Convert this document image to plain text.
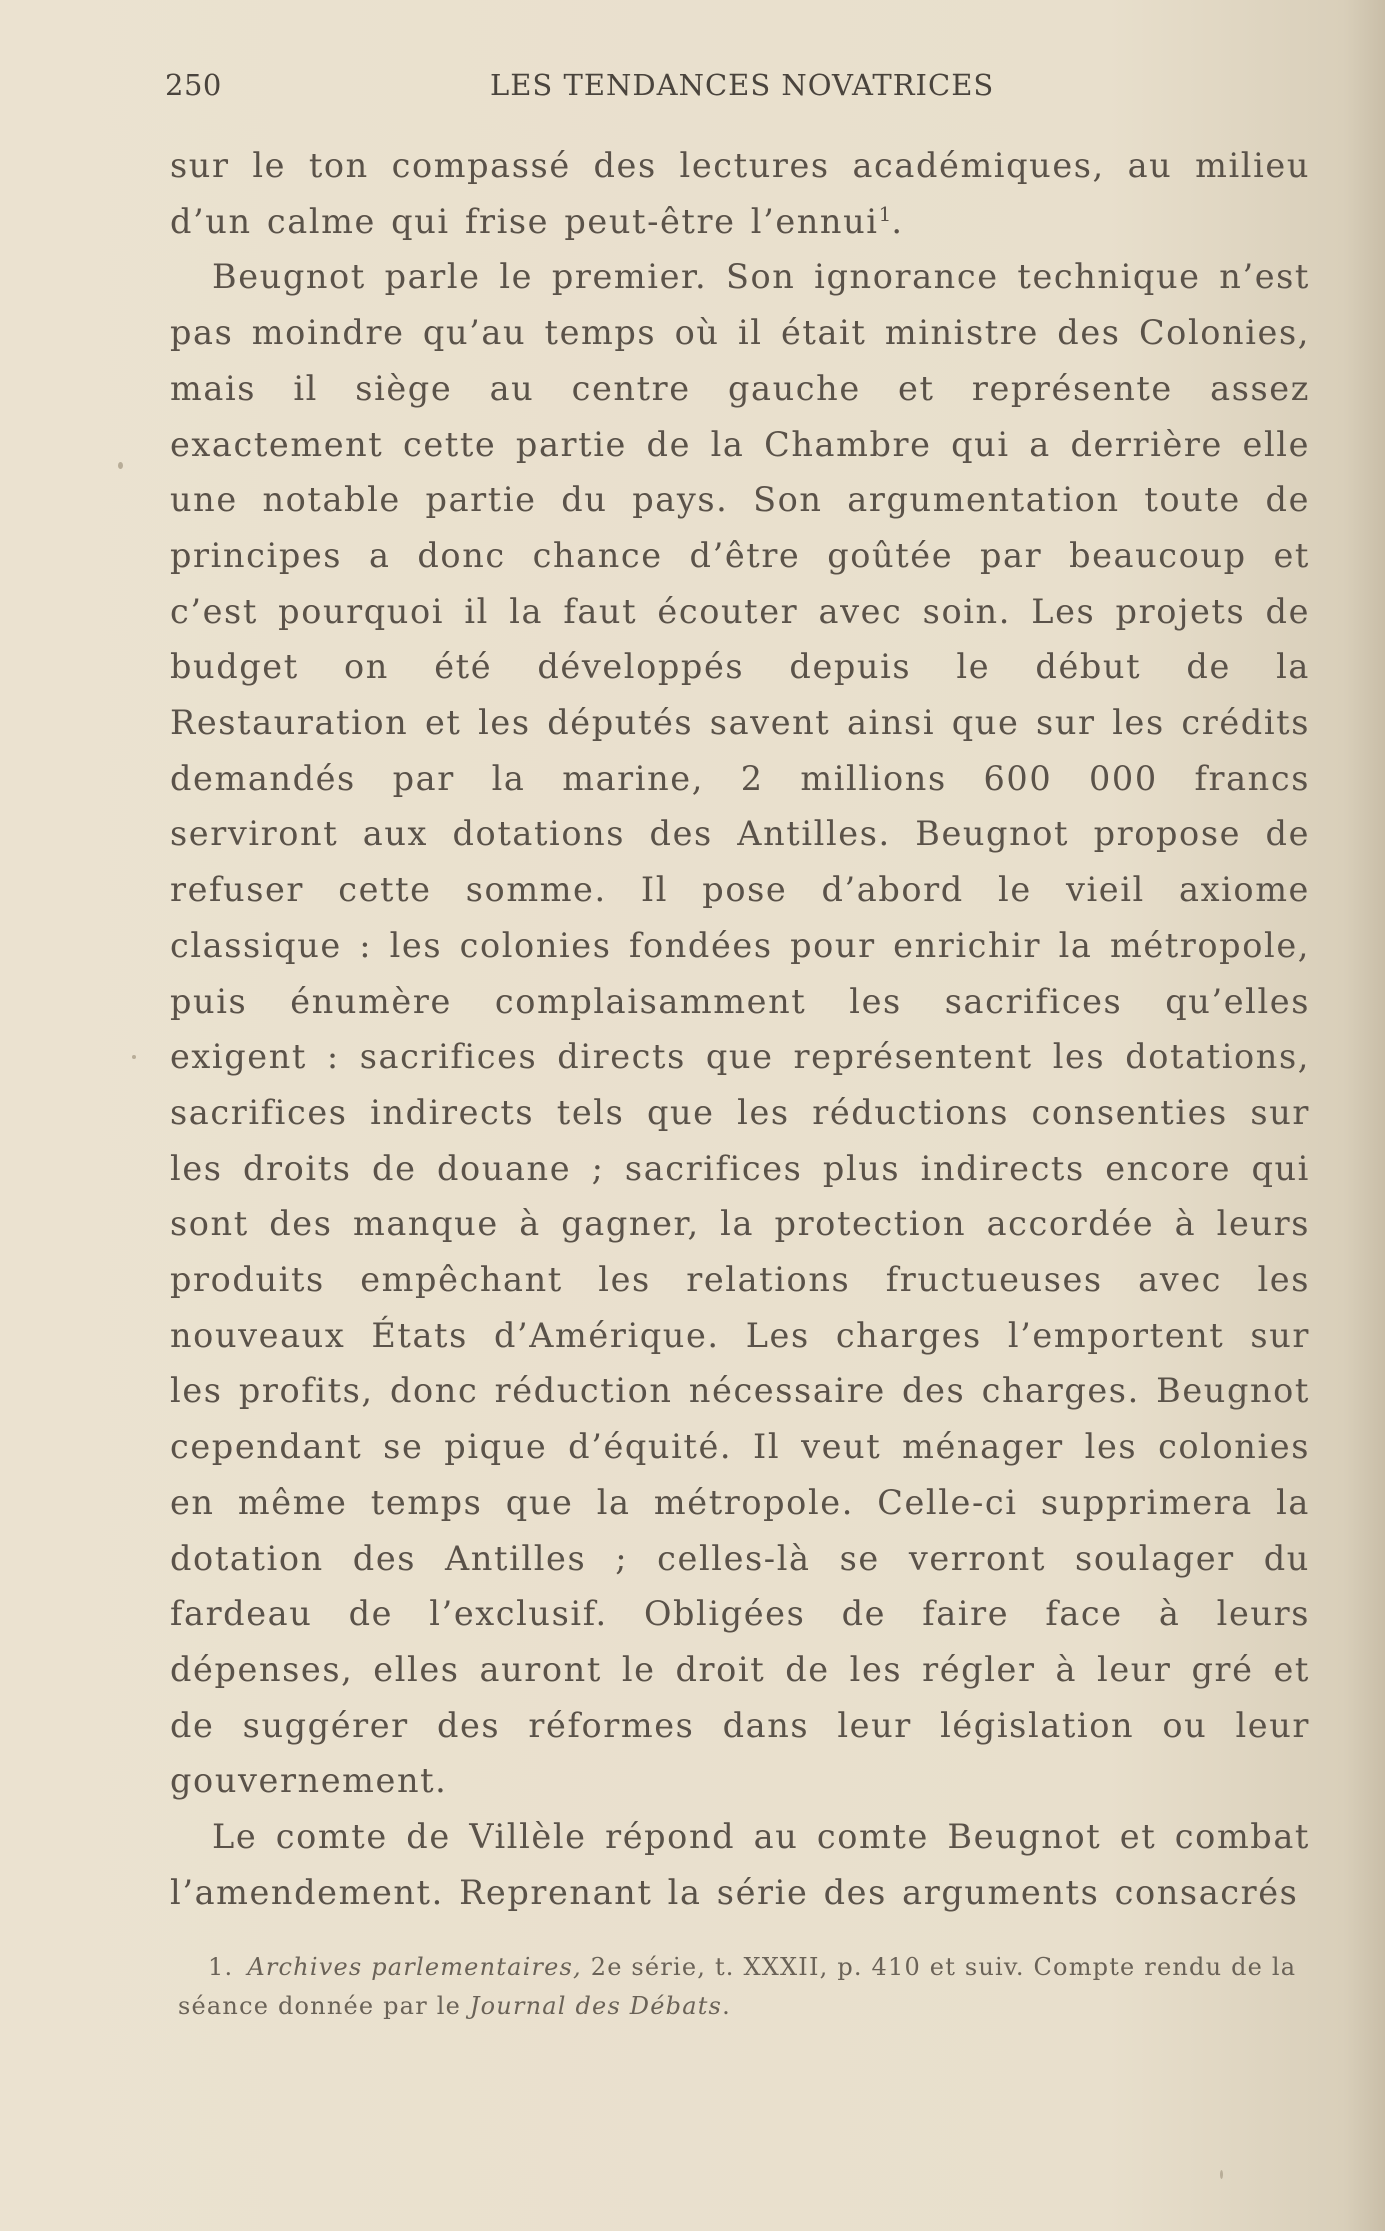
250	LES TENDANCES NOVATRICES

sur le ton compassé des lectures académiques, au milieu d’un calme qui frise peut-être l’ennui$^1$.

Beugnot parle le premier. Son ignorance technique n’est pas moindre qu’au temps où il était ministre des Colonies, mais il siège au centre gauche et représente assez exactement cette partie de la Chambre qui a derrière elle une notable partie du pays. Son argumentation toute de principes a donc chance d’être goûtée par beaucoup et c’est pourquoi il la faut écouter avec soin. Les projets de budget on été développés depuis le début de la Restauration et les députés savent ainsi que sur les crédits demandés par la marine, 2 millions 600 000 francs serviront aux dotations des Antilles. Beugnot propose de refuser cette somme. Il pose d’abord le vieil axiome classique : les colonies fondées pour enrichir la métropole, puis énumère complaisamment les sacrifices qu’elles exigent : sacrifices directs que représentent les dotations, sacrifices indirects tels que les réductions consenties sur les droits de douane ; sacrifices plus indirects encore qui sont des manque à gagner, la protection accordée à leurs produits empêchant les relations fructueuses avec les nouveaux États d’Amérique. Les charges l’emportent sur les profits, donc réduction nécessaire des charges. Beugnot cependant se pique d’équité. Il veut ménager les colonies en même temps que la métropole. Celle-ci supprimera la dotation des Antilles ; celles-là se verront soulager du fardeau de l’exclusif. Obligées de faire face à leurs dépenses, elles auront le droit de les régler à leur gré et de suggérer des réformes dans leur législation ou leur gouvernement.

Le comte de Villèle répond au comte Beugnot et combat l’amendement. Reprenant la série des arguments consacrés

1. Archives parlementaires, 2e série, t. XXXII, p. 410 et suiv. Compte rendu de la séance donnée par le Journal des Débats.
